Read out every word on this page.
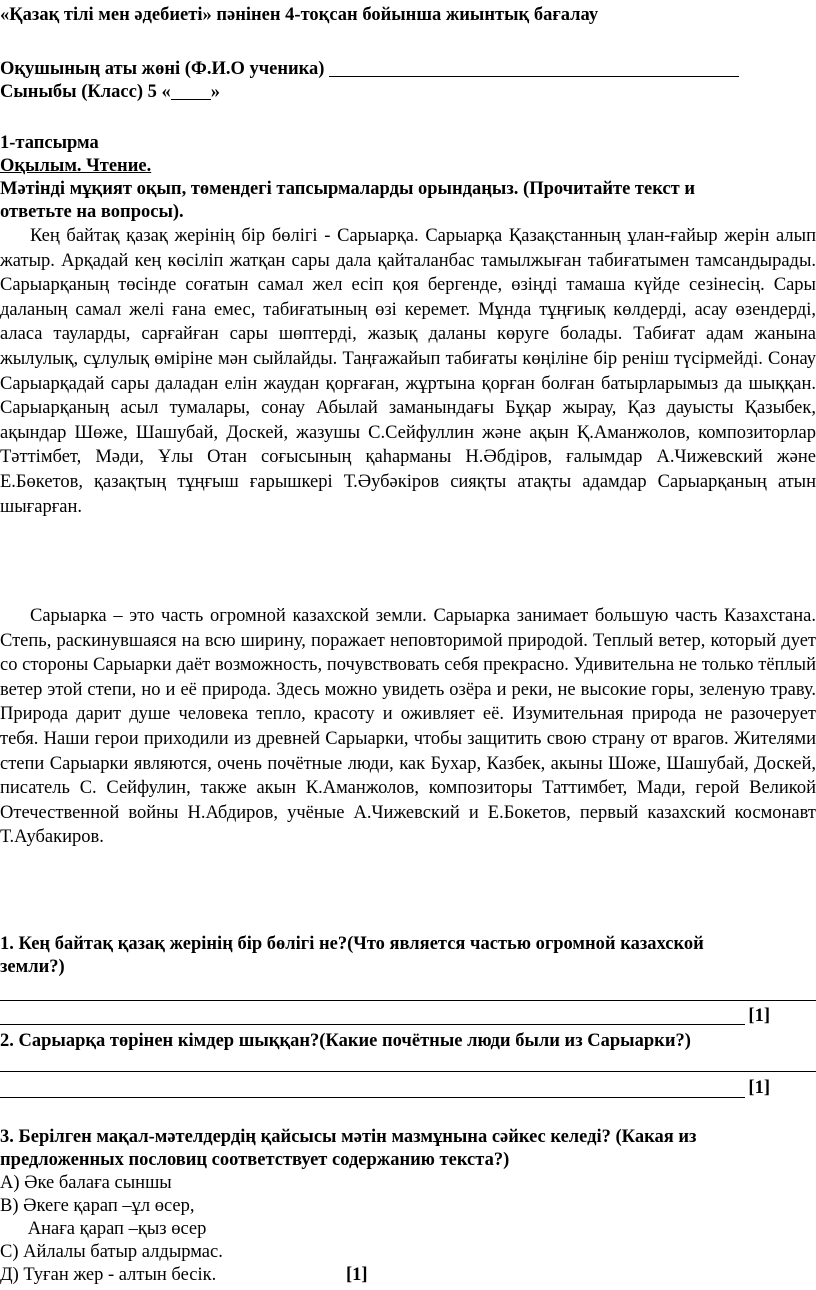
«Қазақ тілі мен әдебиеті» пәнінен 4-тоқсан бойынша жиынтық бағалау
Оқушының аты жөні (Ф.И.О ученика)
Сыныбы (Класс) 5 « »
1-тапсырма
Оқылым. Чтение.
Мәтінді мұқият оқып, төмендегі тапсырмаларды орындаңыз. (Прочитайте текст и
ответьте на вопросы).
Кең байтақ қазақ жерінің бір бөлігі - Сарыарқа. Сарыарқа Қазақстанның ұлан-ғайыр жерін алып жатыр. Арқадай кең көсіліп жатқан сары дала қайталанбас тамылжыған табиғатымен тамсандырады. Сарыарқаның төсінде соғатын самал жел есіп қоя бергенде, өзіңді тамаша күйде сезінесің. Сары даланың самал желі ғана емес, табиғатының өзі керемет. Мұнда тұңғиық көлдерді, асау өзендерді, аласа тауларды, сарғайған сары шөптерді, жазық даланы көруге болады. Табиғат адам жанына жылулық, сұлулық өміріне мән сыйлайды. Таңғажайып табиғаты көңіліне бір реніш түсірмейді. Сонау Сарыарқадай сары даладан елін жаудан қорғаған, жұртына қорған болған батырларымыз да шыққан. Сарыарқаның асыл тумалары, сонау Абылай заманындағы Бұқар жырау, Қаз дауысты Қазыбек, ақындар Шөже, Шашубай, Доскей, жазушы С.Сейфуллин және ақын Қ.Аманжолов, композиторлар Тәттімбет, Мәди, Ұлы Отан соғысының қаһарманы Н.Әбдіров, ғалымдар А.Чижевский және Е.Бөкетов, қазақтың тұңғыш ғарышкері Т.Әубәкіров сияқты атақты адамдар Сарыарқаның атын шығарған.
Сарыарка – это часть огромной казахской земли. Сарыарка занимает большую часть Казахстана. Степь, раскинувшаяся на всю ширину, поражает неповторимой природой. Теплый ветер, который дует со стороны Сарыарки даёт возможность, почувствовать себя прекрасно. Удивительна не только тёплый ветер этой степи, но и её природа. Здесь можно увидеть озёра и реки, не высокие горы, зеленую траву. Природа дарит душе человека тепло, красоту и оживляет её. Изумительная природа не разочерует тебя. Наши герои приходили из древней Сарыарки, чтобы защитить свою страну от врагов. Жителями степи Сарыарки являются, очень почётные люди, как Бухар, Казбек, акыны Шоже, Шашубай, Доскей, писатель С. Сейфулин, также акын К.Аманжолов, композиторы Таттимбет, Мади, герой Великой Отечественной войны Н.Абдиров, учёные А.Чижевский и Е.Бокетов, первый казахский космонавт Т.Аубакиров.
1. Кең байтақ қазақ жерінің бір бөлігі не?(Что является частью огромной казахской
земли?)
[1]
2. Сарыарқа төрінен кімдер шыққан?(Какие почётные люди были из Сарыарки?)
[1]
3. Берілген мақал-мәтелдердің қайсысы мәтін мазмұнына сәйкес келеді? (Какая из
предложенных пословиц соответствует содержанию текста?)
А) Әке балаға сыншы
В) Әкеге қарап –ұл өсер,
Анаға қарап –қыз өсер
С) Айлалы батыр алдырмас.
Д) Туған жер - алтын бесік.	[1]
